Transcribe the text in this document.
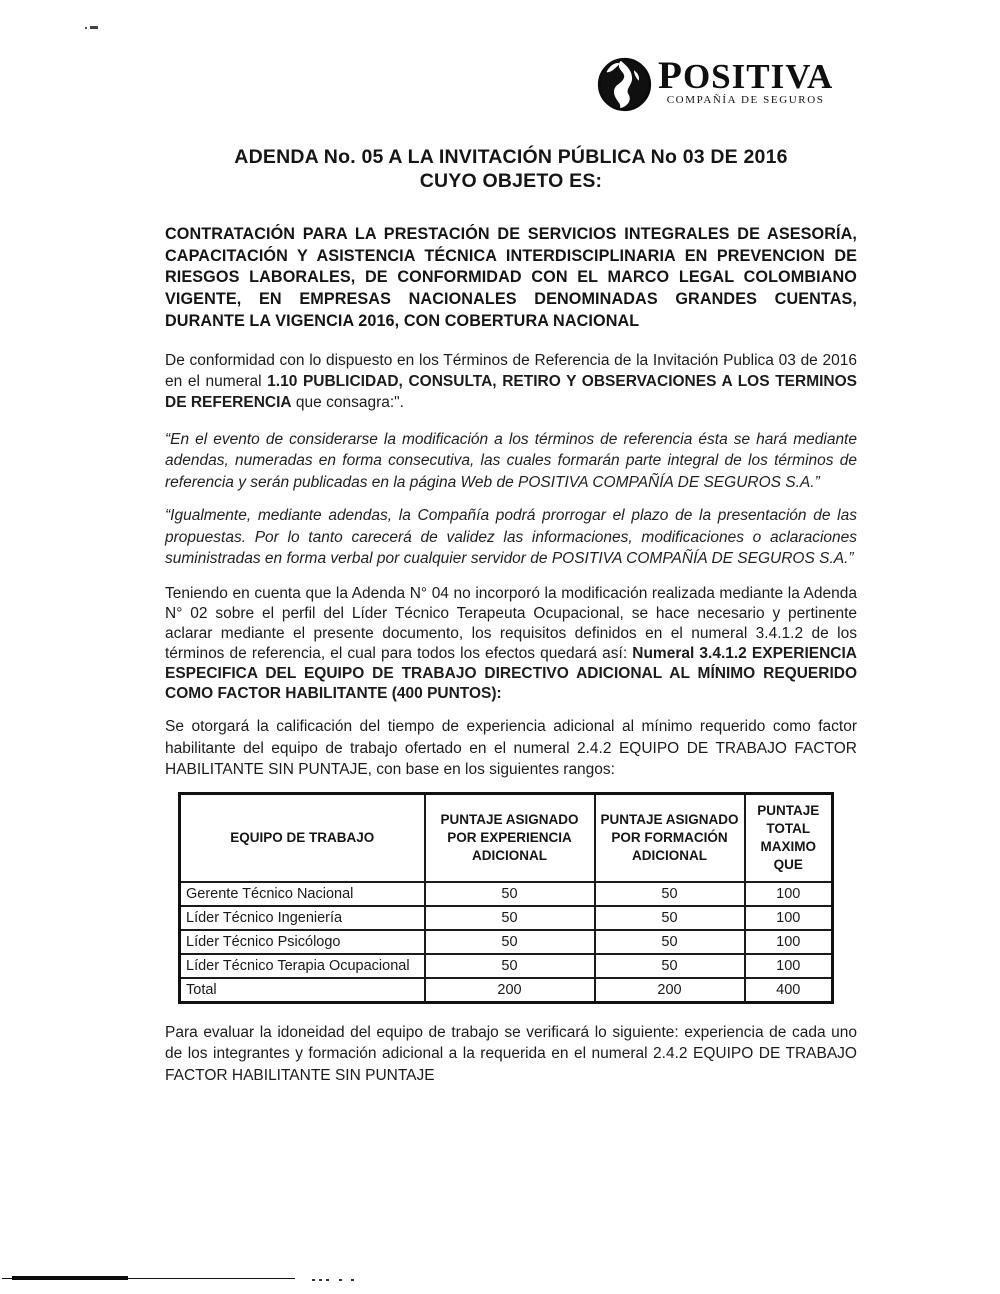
POSITIVA
COMPAÑÍA DE SEGUROS
ADENDA No. 05 A LA INVITACIÓN PÚBLICA No 03 DE 2016
CUYO OBJETO ES:

CONTRATACIÓN PARA LA PRESTACIÓN DE SERVICIOS INTEGRALES DE ASESORÍA, CAPACITACIÓN Y ASISTENCIA TÉCNICA INTERDISCIPLINARIA EN PREVENCION DE RIESGOS LABORALES, DE CONFORMIDAD CON EL MARCO LEGAL COLOMBIANO VIGENTE, EN EMPRESAS NACIONALES DENOMINADAS GRANDES CUENTAS, DURANTE LA VIGENCIA 2016, CON COBERTURA NACIONAL

De conformidad con lo dispuesto en los Términos de Referencia de la Invitación Publica 03 de 2016 en el numeral 1.10 PUBLICIDAD, CONSULTA, RETIRO Y OBSERVACIONES A LOS TERMINOS DE REFERENCIA que consagra:".

“En el evento de considerarse la modificación a los términos de referencia ésta se hará mediante adendas, numeradas en forma consecutiva, las cuales formarán parte integral de los términos de referencia y serán publicadas en la página Web de POSITIVA COMPAÑÍA DE SEGUROS S.A.”

“Igualmente, mediante adendas, la Compañía podrá prorrogar el plazo de la presentación de las propuestas. Por lo tanto carecerá de validez las informaciones, modificaciones o aclaraciones suministradas en forma verbal por cualquier servidor de POSITIVA COMPAÑÍA DE SEGUROS S.A.”

Teniendo en cuenta que la Adenda N° 04 no incorporó la modificación realizada mediante la Adenda N° 02 sobre el perfil del Líder Técnico Terapeuta Ocupacional, se hace necesario y pertinente aclarar mediante el presente documento, los requisitos definidos en el numeral 3.4.1.2 de los términos de referencia, el cual para todos los efectos quedará así: Numeral 3.4.1.2 EXPERIENCIA ESPECIFICA DEL EQUIPO DE TRABAJO DIRECTIVO ADICIONAL AL MÍNIMO REQUERIDO COMO FACTOR HABILITANTE (400 PUNTOS):

Se otorgará la calificación del tiempo de experiencia adicional al mínimo requerido como factor habilitante del equipo de trabajo ofertado en el numeral 2.4.2 EQUIPO DE TRABAJO FACTOR HABILITANTE SIN PUNTAJE, con base en los siguientes rangos:

EQUIPO DE TRABAJO	PUNTAJE ASIGNADO POR EXPERIENCIA ADICIONAL	PUNTAJE ASIGNADO POR FORMACIÓN ADICIONAL	PUNTAJE TOTAL MAXIMO QUE
Gerente Técnico Nacional	50	50	100
Líder Técnico Ingeniería	50	50	100
Líder Técnico Psicólogo	50	50	100
Líder Técnico Terapia Ocupacional	50	50	100
Total	200	200	400

Para evaluar la idoneidad del equipo de trabajo se verificará lo siguiente: experiencia de cada uno de los integrantes y formación adicional a la requerida en el numeral 2.4.2 EQUIPO DE TRABAJO FACTOR HABILITANTE SIN PUNTAJE
